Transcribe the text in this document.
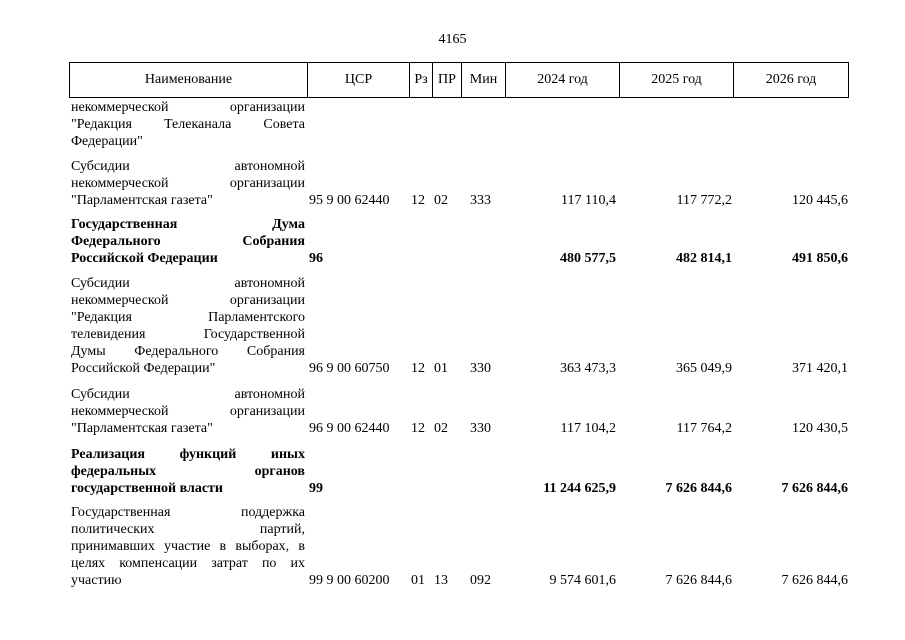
4165
Наименование	ЦСР	Рз ПР Мин	2024 год	2025 год	2026 год
некоммерческой организации
"Редакция Телеканала Совета
Федерации"
Субсидии автономной
некоммерческой организации
"Парламентская газета"	95 9 00 62440 12 02 333	117 110,4	117 772,2	120 445,6
Государственная Дума
Федерального Собрания
Российской Федерации	96	480 577,5	482 814,1	491 850,6
Субсидии автономной
некоммерческой организации
"Редакция Парламентского
телевидения Государственной
Думы Федерального Собрания
Российской Федерации"	96 9 00 60750 12 01 330	363 473,3	365 049,9	371 420,1
Субсидии автономной
некоммерческой организации
"Парламентская газета"	96 9 00 62440 12 02 330	117 104,2	117 764,2	120 430,5
Реализация функций иных
федеральных органов
государственной власти	99	11 244 625,9	7 626 844,6	7 626 844,6
Государственная поддержка
политических партий,
принимавших участие в выборах, в
целях компенсации затрат по их
участию	99 9 00 60200 01 13 092	9 574 601,6	7 626 844,6	7 626 844,6
